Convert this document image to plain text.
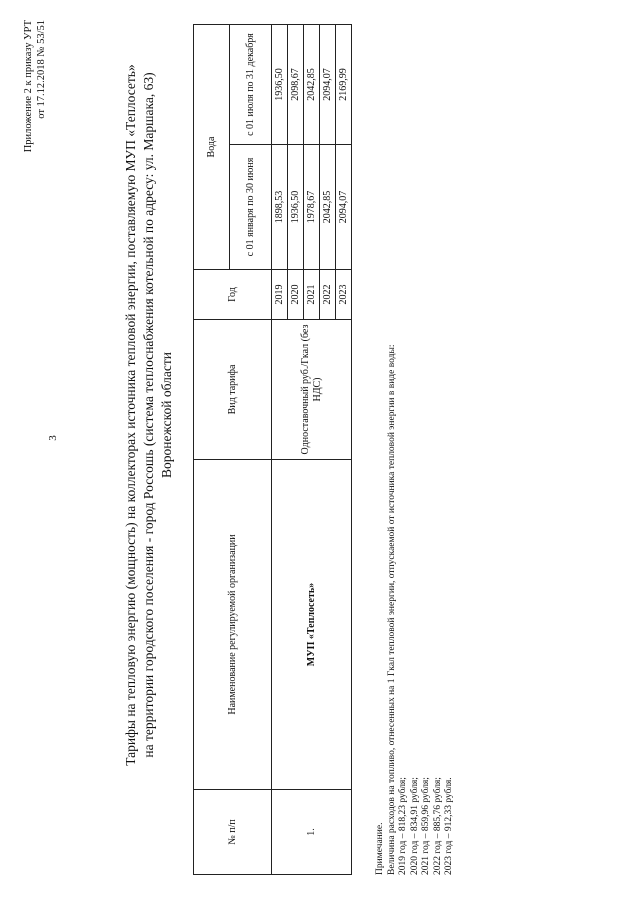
3
Приложение 2 к приказу УРТ от 17.12.2018 № 53/51	Тарифы на тепловую энергию (мощность) на коллекторах источника тепловой энергии, поставляемую МУП «Теплосеть» на территории городского поселения - город Россошь (система теплоснабжения котельной по адресу: ул. Маршака, 63) Воронежской области
№ п/п	Наименование регулируемой организации	Вид тарифа	Год	Вода	
				с 01 января по 30 июня	с 01 июля по 31 декабря
1.	МУП «Теплосеть»	Одноставочный руб./Гкал (без НДС)	2019	1898,53	1936,50
			2020	1936,50	2098,67
			2021	1978,67	2042,85
			2022	2042,85	2094,07
			2023	2094,07	2169,99
Примечание. Величина расходов на топливо, отнесенных на 1 Гкал тепловой энергии, отпускаемой от источника тепловой энергии в виде воды: 2019 год – 818,23 рубля; 2020 год – 834,91 рубля; 2021 год – 859,96 рубля; 2022 год – 885,76 рубля; 2023 год – 912,33 рубля.
